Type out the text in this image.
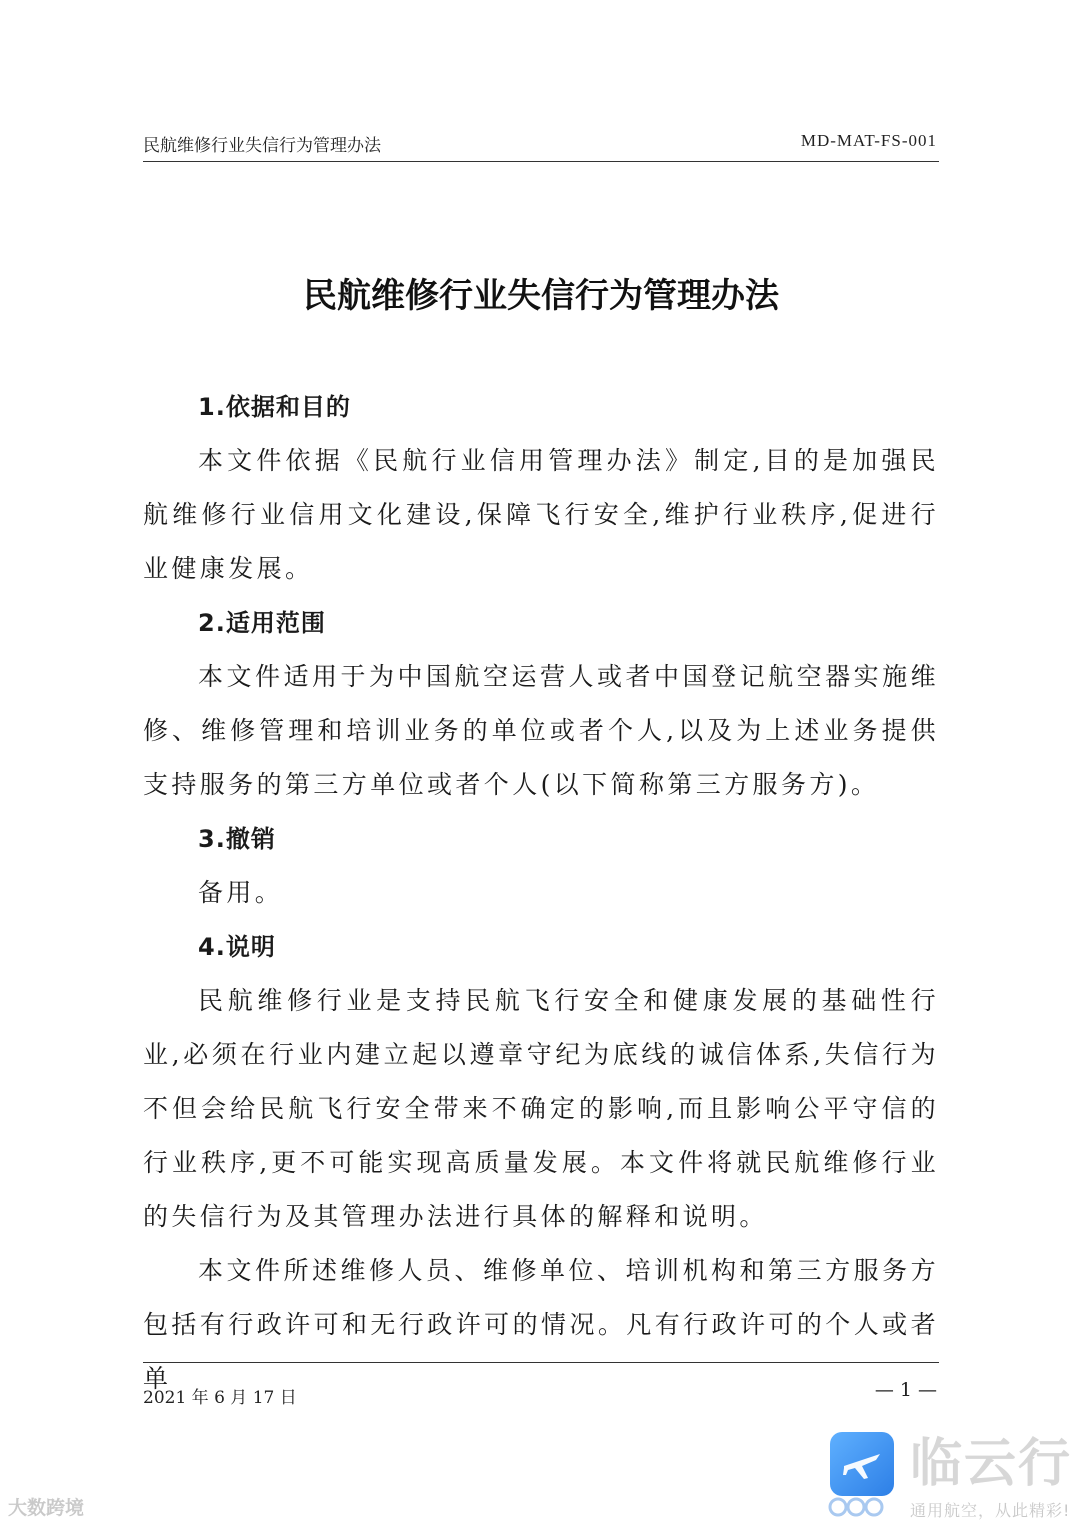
民航维修行业失信行为管理办法	MD-MAT-FS-001
民航维修行业失信行为管理办法
1.依据和目的
本文件依据《民航行业信用管理办法》制定,目的是加强民航维修行业信用文化建设,保障飞行安全,维护行业秩序,促进行业健康发展。
2.适用范围
本文件适用于为中国航空运营人或者中国登记航空器实施维修、维修管理和培训业务的单位或者个人,以及为上述业务提供支持服务的第三方单位或者个人(以下简称第三方服务方)。
3.撤销
备用。
4.说明
民航维修行业是支持民航飞行安全和健康发展的基础性行业,必须在行业内建立起以遵章守纪为底线的诚信体系,失信行为不但会给民航飞行安全带来不确定的影响,而且影响公平守信的行业秩序,更不可能实现高质量发展。本文件将就民航维修行业的失信行为及其管理办法进行具体的解释和说明。
本文件所述维修人员、维修单位、培训机构和第三方服务方包括有行政许可和无行政许可的情况。凡有行政许可的个人或者单
2021 年 6 月 17 日	— 1 —
大数跨境
临云行
通用航空，从此精彩!
